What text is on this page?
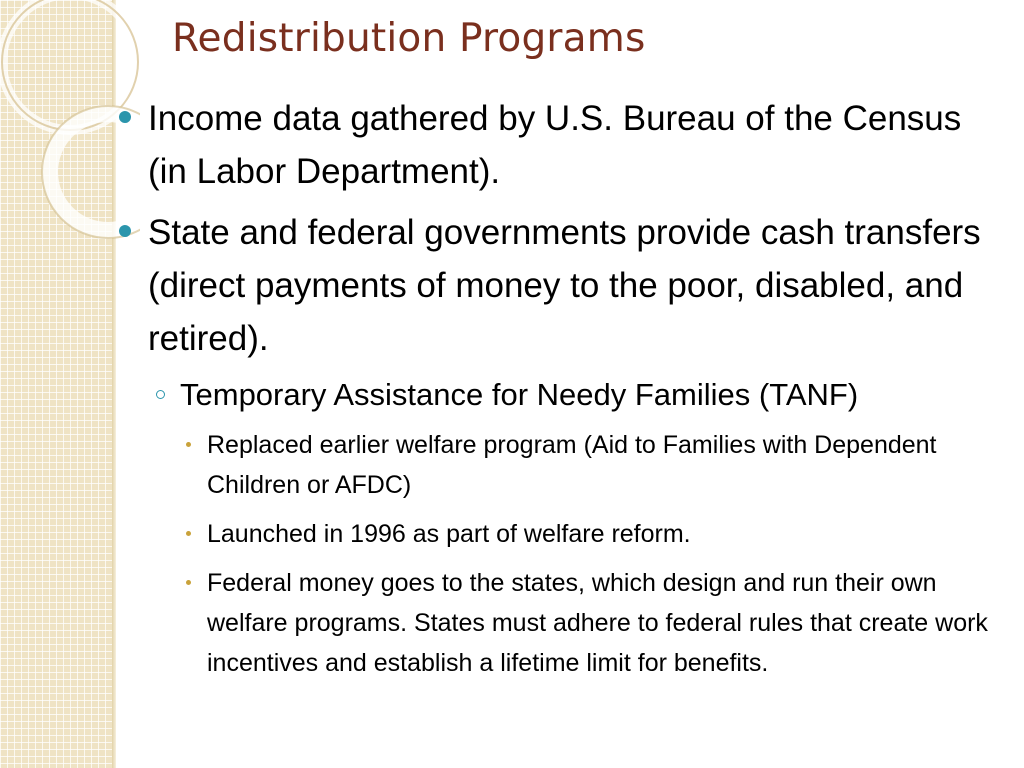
Redistribution Programs
Income data gathered by U.S. Bureau of the Census (in Labor Department).
State and federal governments provide cash transfers (direct payments of money to the poor, disabled, and retired).
Temporary Assistance for Needy Families (TANF)
Replaced earlier welfare program (Aid to Families with Dependent Children or AFDC)
Launched in 1996 as part of welfare reform.
Federal money goes to the states, which design and run their own welfare programs. States must adhere to federal rules that create work incentives and establish a lifetime limit for benefits.
